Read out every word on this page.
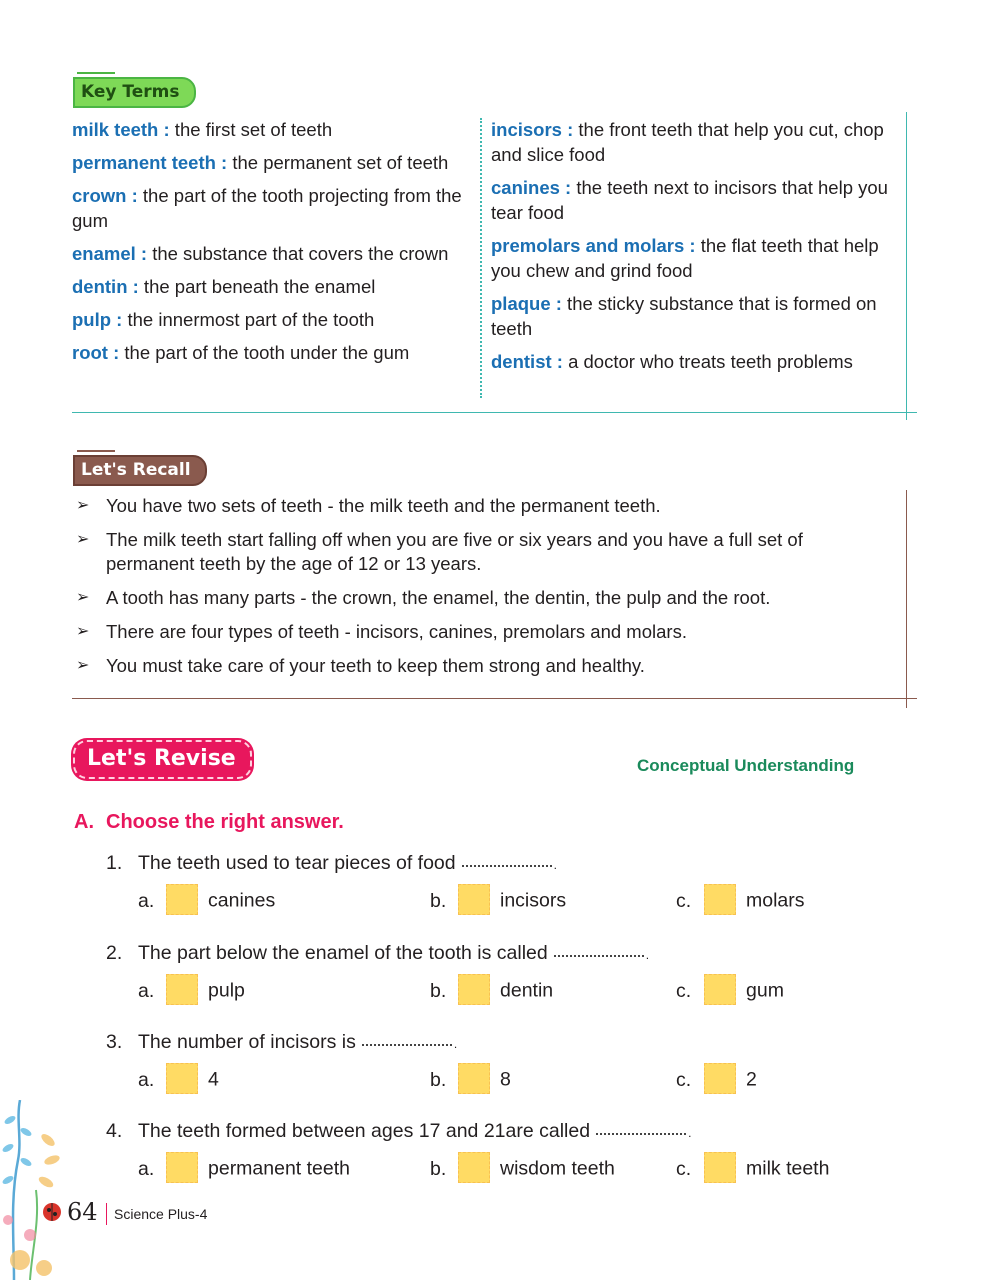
Key Terms

milk teeth : the first set of teeth

permanent teeth : the permanent set of teeth

crown : the part of the tooth projecting from the gum

enamel : the substance that covers the crown

dentin : the part beneath the enamel

pulp : the innermost part of the tooth

root : the part of the tooth under the gum

incisors : the front teeth that help you cut, chop and slice food

canines : the teeth next to incisors that help you tear food

premolars and molars : the flat teeth that help you chew and grind food

plaque : the sticky substance that is formed on teeth

dentist : a doctor who treats teeth problems

Let's Recall
➢ You have two sets of teeth - the milk teeth and the permanent teeth.
➢ The milk teeth start falling off when you are five or six years and you have a full set of permanent teeth by the age of 12 or 13 years.
➢ A tooth has many parts - the crown, the enamel, the dentin, the pulp and the root.
➢ There are four types of teeth - incisors, canines, premolars and molars.
➢ You must take care of your teeth to keep them strong and healthy.
Let's Revise	Conceptual Understanding
A. Choose the right answer.
1. The teeth used to tear pieces of food	.
a.	canines	b.	incisors	c.	molars
2. The part below the enamel of the tooth is called	.
a.	pulp	b.	dentin	c.	gum
3. The number of incisors is	.
a.	4	b.	8	c.	2
4. The teeth formed between ages 17 and 21are called	.
a.	permanent teeth	b.	wisdom teeth	c.	milk teeth
64 Science Plus-4
